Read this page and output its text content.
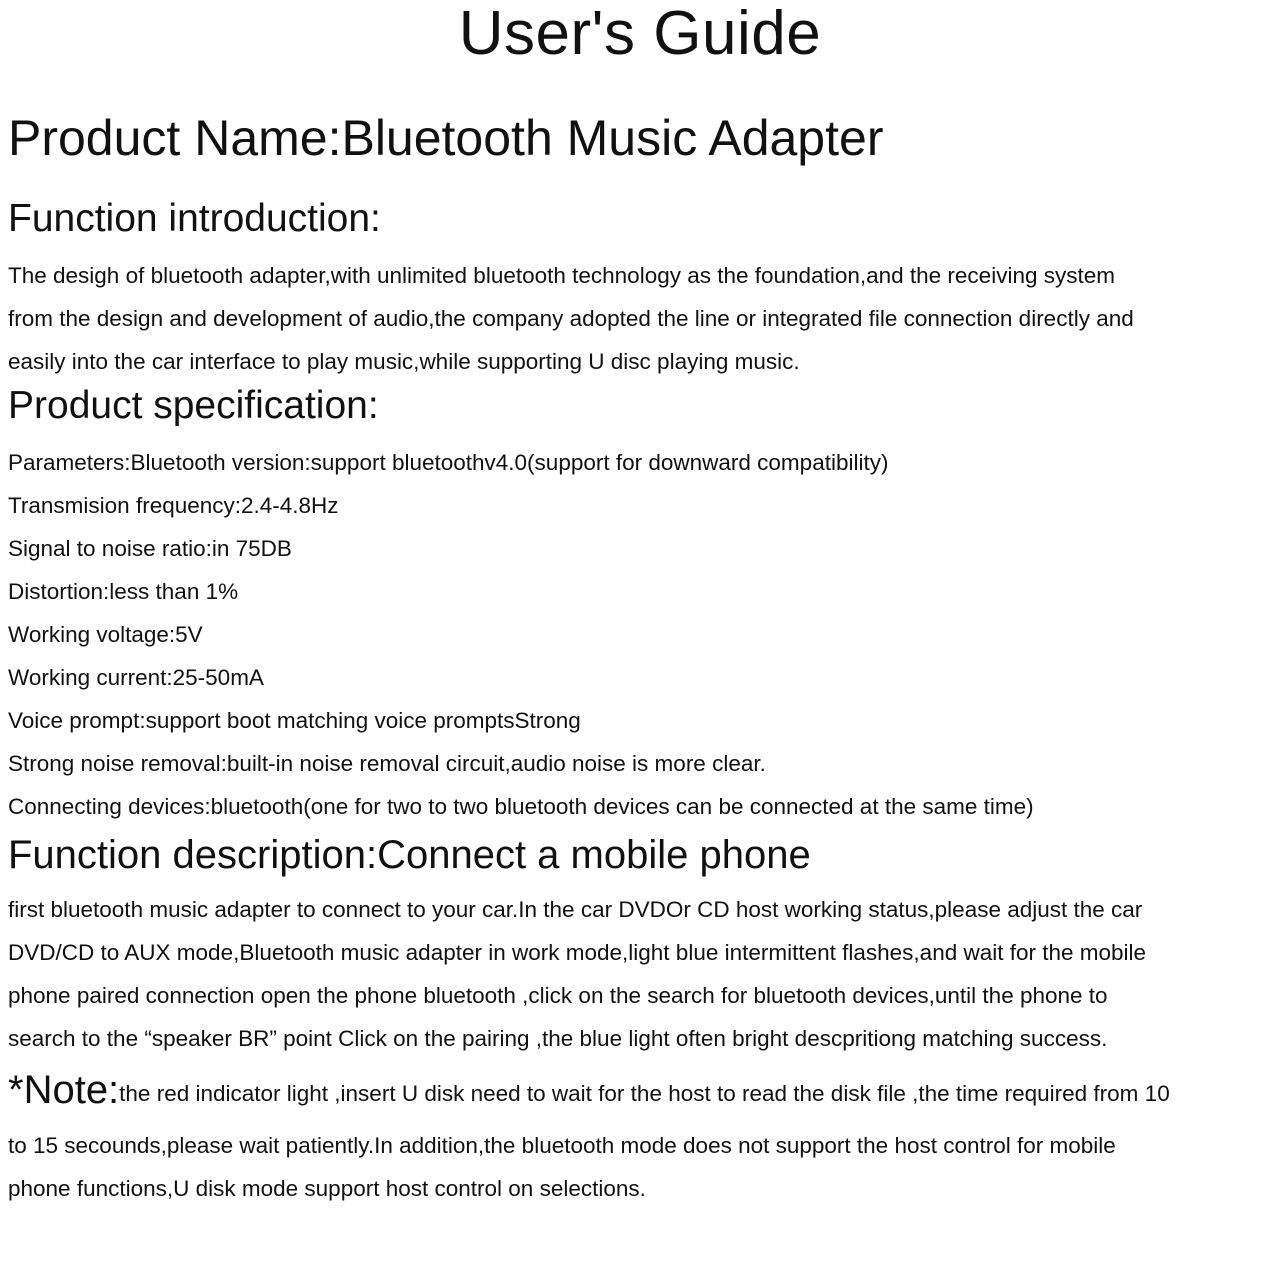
User's Guide
Product Name:Bluetooth Music Adapter
Function introduction:

The desigh of bluetooth adapter,with unlimited bluetooth technology as the foundation,and the receiving system

from the design and development of audio,the company adopted the line or integrated file connection directly and

easily into the car interface to play music,while supporting U disc playing music.

Product specification:
Parameters:Bluetooth version:support bluetoothv4.0(support for downward compatibility)
Transmision frequency:2.4-4.8Hz
Signal to noise ratio:in 75DB
Distortion:less than 1%
Working voltage:5V
Working current:25-50mA
Voice prompt:support boot matching voice promptsStrong
Strong noise removal:built-in noise removal circuit,audio noise is more clear.
Connecting devices:bluetooth(one for two to two bluetooth devices can be connected at the same time)
Function description:Connect a mobile phone

first bluetooth music adapter to connect to your car.In the car DVDOr CD host working status,please adjust the car

DVD/CD to AUX mode,Bluetooth music adapter in work mode,light blue intermittent flashes,and wait for the mobile

phone paired connection open the phone bluetooth ,click on the search for bluetooth devices,until the phone to

search to the “speaker BR” point Click on the pairing ,the blue light often bright descpritiong matching success.

*Note:the red indicator light ,insert U disk need to wait for the host to read the disk file ,the time required from 10

to 15 secounds,please wait patiently.In addition,the bluetooth mode does not support the host control for mobile

phone functions,U disk mode support host control on selections.
